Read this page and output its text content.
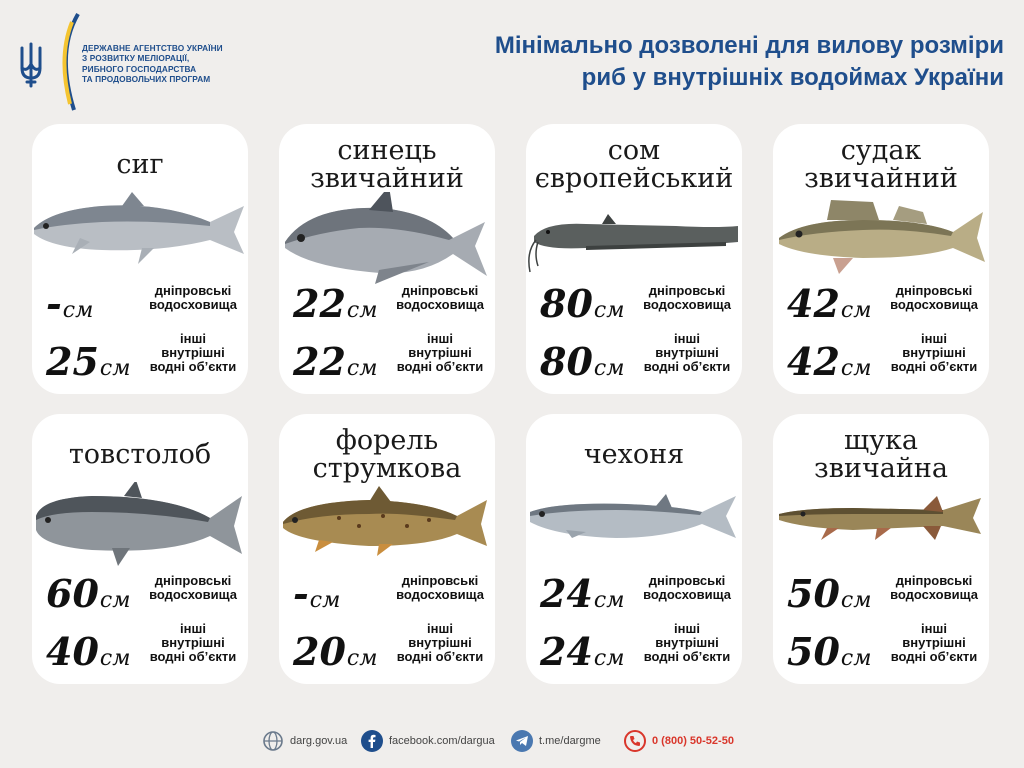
ДЕРЖАВНЕ АГЕНТСТВО УКРАЇНИ
З РОЗВИТКУ МЕЛІОРАЦІЇ,
РИБНОГО ГОСПОДАРСТВА
ТА ПРОДОВОЛЬЧИХ ПРОГРАМ
Мінімально дозволені для вилову розміри
риб у внутрішніх водоймах України
сиг
-см
дніпровські
водосховища
25см
інші
внутрішні
водні об’єкти
синець
звичайний
22см
дніпровські
водосховища
22см
інші
внутрішні
водні об’єкти
сом
європейський
80см
дніпровські
водосховища
80см
інші
внутрішні
водні об’єкти
судак
звичайний
42см
дніпровські
водосховища
42см
інші
внутрішні
водні об’єкти
товстолоб
60см
дніпровські
водосховища
40см
інші
внутрішні
водні об’єкти
форель
струмкова
-см
дніпровські
водосховища
20см
інші
внутрішні
водні об’єкти
чехоня
24см
дніпровські
водосховища
24см
інші
внутрішні
водні об’єкти
щука
звичайна
50см
дніпровські
водосховища
50см
інші
внутрішні
водні об’єкти
darg.gov.ua	facebook.com/dargua	t.me/dargme	0 (800) 50-52-50
